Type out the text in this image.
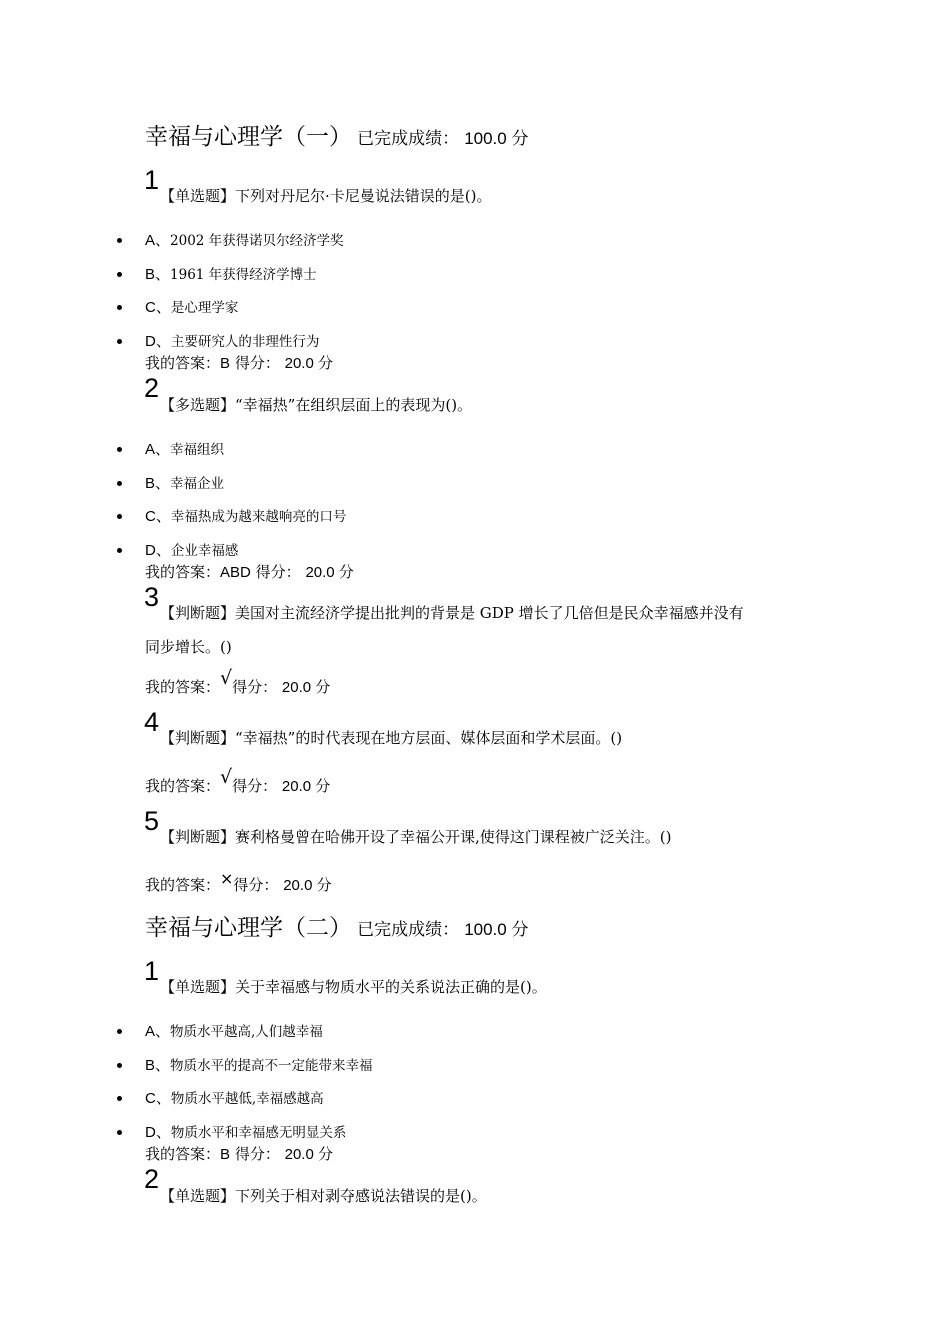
幸福与心理学（一） 已完成成绩： 100.0 分
1
【单选题】下列对丹尼尔·卡尼曼说法错误的是()。
A、2002 年获得诺贝尔经济学奖
B、1961 年获得经济学博士
C、是心理学家
D、主要研究人的非理性行为
我的答案：B 得分： 20.0 分
2
【多选题】“幸福热”在组织层面上的表现为()。
A、幸福组织
B、幸福企业
C、幸福热成为越来越响亮的口号
D、企业幸福感
我的答案：ABD 得分： 20.0 分
3
【判断题】美国对主流经济学提出批判的背景是 GDP 增长了几倍但是民众幸福感并没有
同步增长。()
我的答案：√得分： 20.0 分
4
【判断题】“幸福热”的时代表现在地方层面、媒体层面和学术层面。()
我的答案：√得分： 20.0 分
5
【判断题】赛利格曼曾在哈佛开设了幸福公开课,使得这门课程被广泛关注。()
我的答案：×得分： 20.0 分
幸福与心理学（二） 已完成成绩： 100.0 分
1
【单选题】关于幸福感与物质水平的关系说法正确的是()。
A、物质水平越高,人们越幸福
B、物质水平的提高不一定能带来幸福
C、物质水平越低,幸福感越高
D、物质水平和幸福感无明显关系
我的答案：B 得分： 20.0 分
2
【单选题】下列关于相对剥夺感说法错误的是()。
